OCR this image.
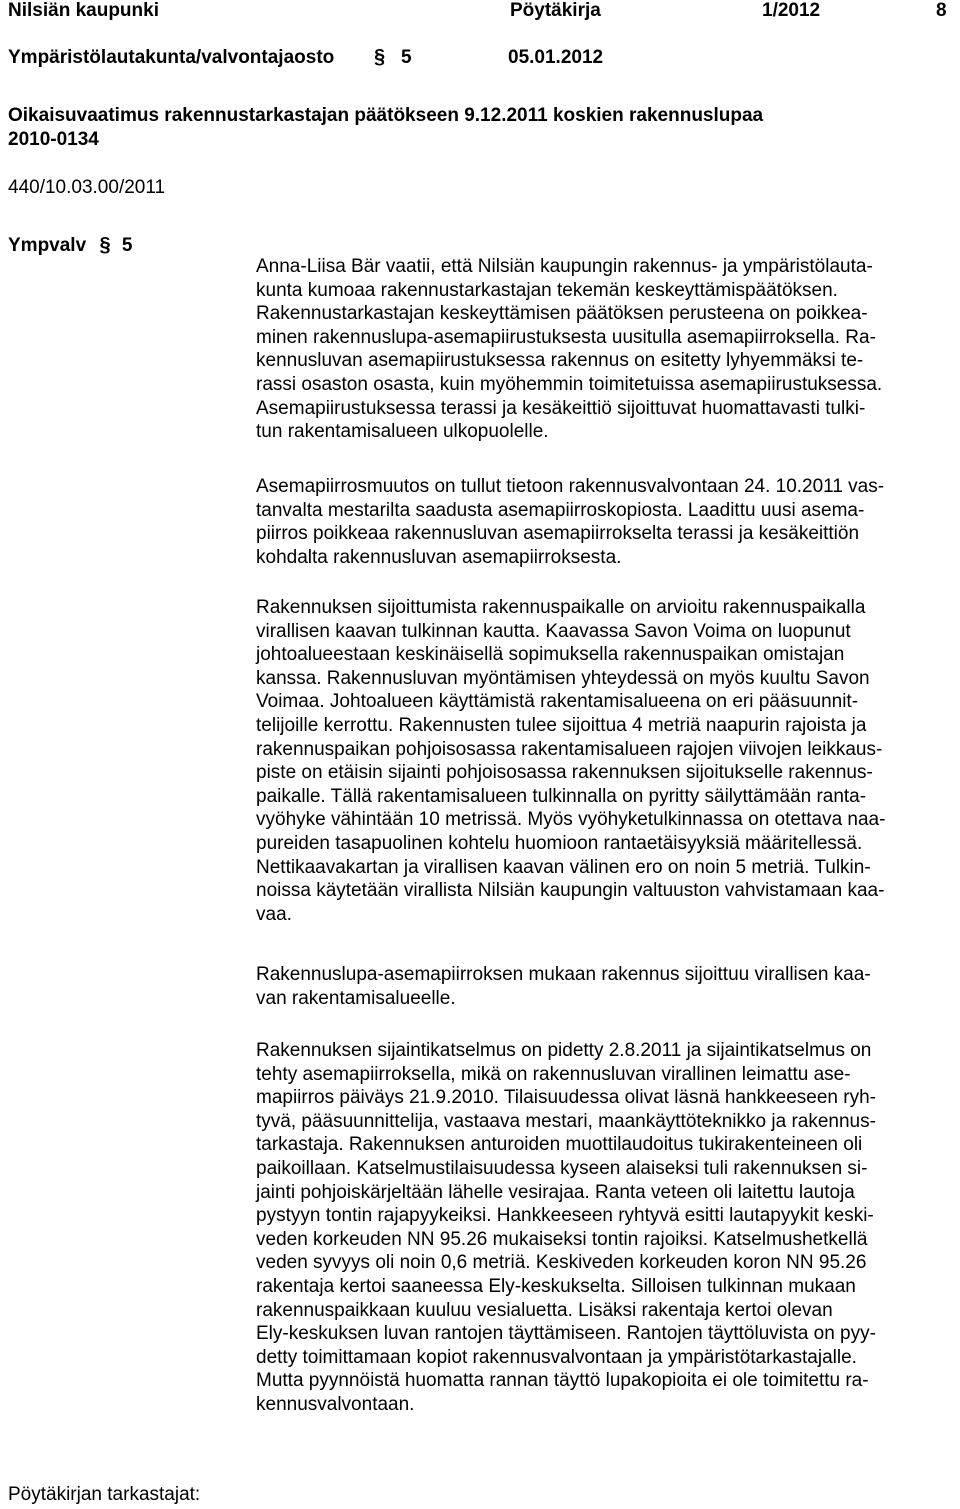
Nilsiän kaupunki	Pöytäkirja	1/2012	8
Ympäristölautakunta/valvontajaosto § 5	05.01.2012
Oikaisuvaatimus rakennustarkastajan päätökseen 9.12.2011 koskien rakennuslupaa
2010-0134
440/10.03.00/2011
Ympvalv § 5

Anna-Liisa Bär vaatii, että Nilsiän kaupungin rakennus- ja ympäristölauta-

kunta kumoaa rakennustarkastajan tekemän keskeyttämispäätöksen.

Rakennustarkastajan keskeyttämisen päätöksen perusteena on poikkea-

minen rakennuslupa-asemapiirustuksesta uusitulla asemapiirroksella. Ra-

kennusluvan asemapiirustuksessa rakennus on esitetty lyhyemmäksi te-

rassi osaston osasta, kuin myöhemmin toimitetuissa asemapiirustuksessa.

Asemapiirustuksessa terassi ja kesäkeittiö sijoittuvat huomattavasti tulki-

tun rakentamisalueen ulkopuolelle.

Asemapiirrosmuutos on tullut tietoon rakennusvalvontaan 24. 10.2011 vas-

tanvalta mestarilta saadusta asemapiirroskopiosta. Laadittu uusi asema-

piirros poikkeaa rakennusluvan asemapiirrokselta terassi ja kesäkeittiön

kohdalta rakennusluvan asemapiirroksesta.

Rakennuksen sijoittumista rakennuspaikalle on arvioitu rakennuspaikalla

virallisen kaavan tulkinnan kautta. Kaavassa Savon Voima on luopunut

johtoalueestaan keskinäisellä sopimuksella rakennuspaikan omistajan

kanssa. Rakennusluvan myöntämisen yhteydessä on myös kuultu Savon

Voimaa. Johtoalueen käyttämistä rakentamisalueena on eri pääsuunnit-

telijoille kerrottu. Rakennusten tulee sijoittua 4 metriä naapurin rajoista ja

rakennuspaikan pohjoisosassa rakentamisalueen rajojen viivojen leikkaus-

piste on etäisin sijainti pohjoisosassa rakennuksen sijoitukselle rakennus-

paikalle. Tällä rakentamisalueen tulkinnalla on pyritty säilyttämään ranta-

vyöhyke vähintään 10 metrissä. Myös vyöhyketulkinnassa on otettava naa-

pureiden tasapuolinen kohtelu huomioon rantaetäisyyksiä määritellessä.

Nettikaavakartan ja virallisen kaavan välinen ero on noin 5 metriä. Tulkin-

noissa käytetään virallista Nilsiän kaupungin valtuuston vahvistamaan kaa-

vaa.

Rakennuslupa-asemapiirroksen mukaan rakennus sijoittuu virallisen kaa-

van rakentamisalueelle.

Rakennuksen sijaintikatselmus on pidetty 2.8.2011 ja sijaintikatselmus on

tehty asemapiirroksella, mikä on rakennusluvan virallinen leimattu ase-

mapiirros päiväys 21.9.2010. Tilaisuudessa olivat läsnä hankkeeseen ryh-

tyvä, pääsuunnittelija, vastaava mestari, maankäyttöteknikko ja rakennus-

tarkastaja. Rakennuksen anturoiden muottilaudoitus tukirakenteineen oli

paikoillaan. Katselmustilaisuudessa kyseen alaiseksi tuli rakennuksen si-

jainti pohjoiskärjeltään lähelle vesirajaa. Ranta veteen oli laitettu lautoja

pystyyn tontin rajapyykeiksi. Hankkeeseen ryhtyvä esitti lautapyykit keski-

veden korkeuden NN 95.26 mukaiseksi tontin rajoiksi. Katselmushetkellä

veden syvyys oli noin 0,6 metriä. Keskiveden korkeuden koron NN 95.26

rakentaja kertoi saaneessa Ely-keskukselta. Silloisen tulkinnan mukaan

rakennuspaikkaan kuuluu vesialuetta. Lisäksi rakentaja kertoi olevan

Ely-keskuksen luvan rantojen täyttämiseen. Rantojen täyttöluvista on pyy-

detty toimittamaan kopiot rakennusvalvontaan ja ympäristötarkastajalle.

Mutta pyynnöistä huomatta rannan täyttö lupakopioita ei ole toimitettu ra-

kennusvalvontaan.

Pöytäkirjan tarkastajat:
